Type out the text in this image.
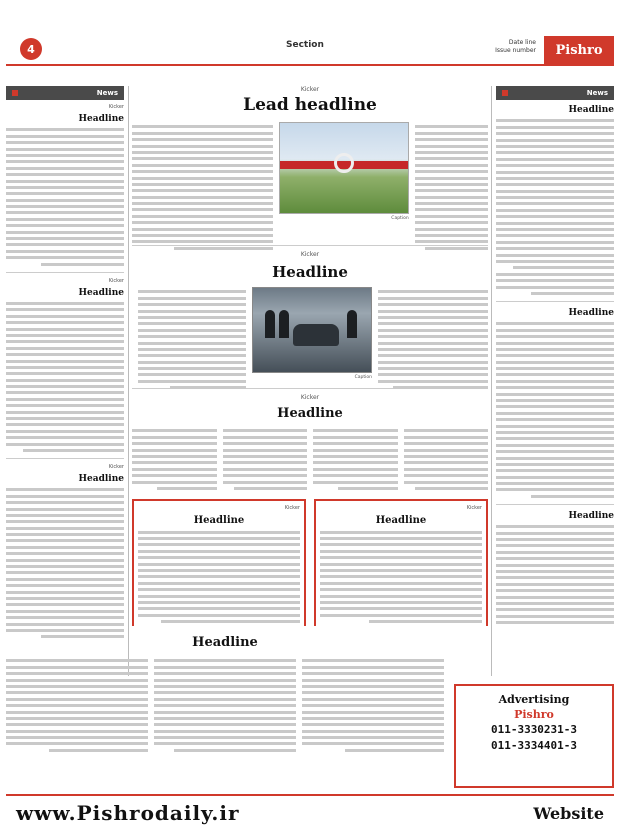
Pishro
Date line
Issue number
Section
4
News
Headline
Headline
Headline
Kicker
Lead headline
Caption
Kicker
Headline
Caption
Kicker
Headline
Kicker
Headline
Kicker
Headline
News
Kicker
Headline
Kicker
Headline
Kicker
Headline
Headline
Advertising
Pishro
011-3330231-3
011-3334401-3
Website
www.Pishrodaily.ir
